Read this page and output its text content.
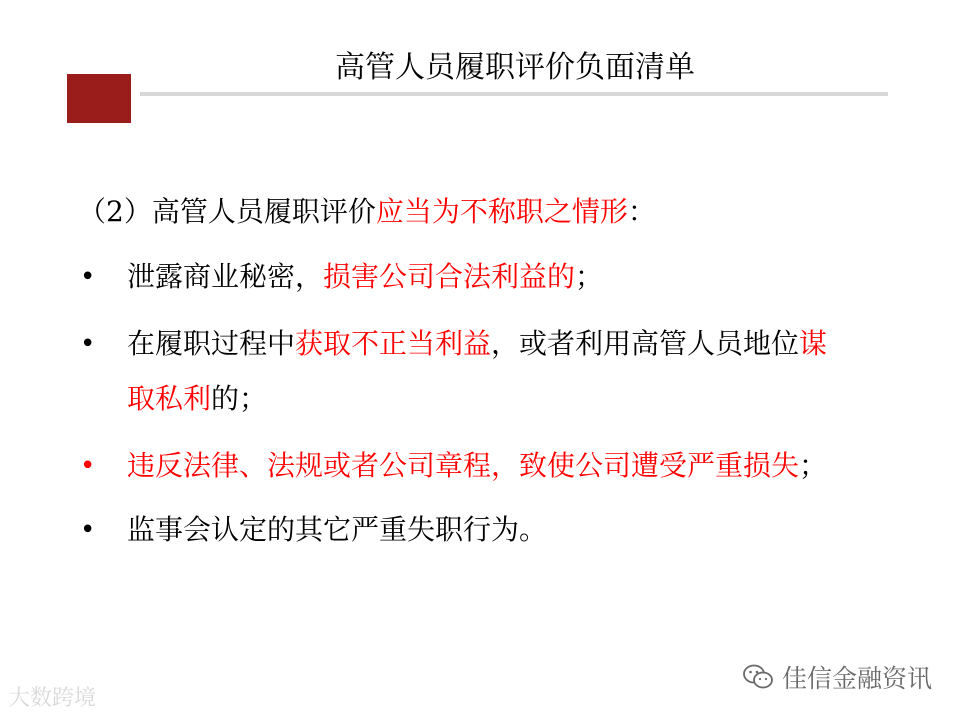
高管人员履职评价负面清单
（2）高管人员履职评价应当为不称职之情形：
• 泄露商业秘密，损害公司合法利益的；
• 在履职过程中获取不正当利益，或者利用高管人员地位谋
取私利的；
• 违反法律、法规或者公司章程，致使公司遭受严重损失；
• 监事会认定的其它严重失职行为。
大数跨境
佳信金融资讯
